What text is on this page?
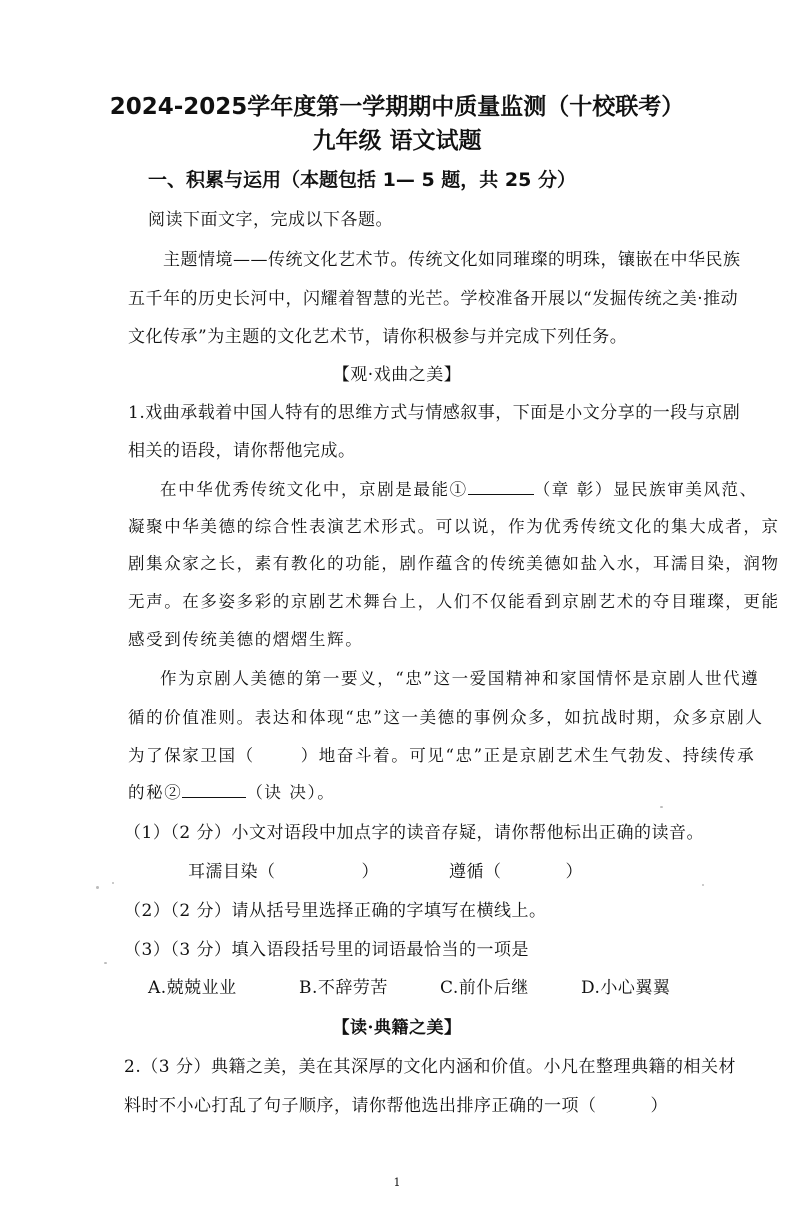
2024-2025学年度第一学期期中质量监测（十校联考）
九年级 语文试题
一、积累与运用（本题包括 1— 5 题，共 25 分）
阅读下面文字，完成以下各题。
主题情境——传统文化艺术节。传统文化如同璀璨的明珠，镶嵌在中华民族
五千年的历史长河中，闪耀着智慧的光芒。学校准备开展以“发掘传统之美·推动
文化传承”为主题的文化艺术节，请你积极参与并完成下列任务。
【观·戏曲之美】
1.戏曲承载着中国人特有的思维方式与情感叙事，下面是小文分享的一段与京剧
相关的语段，请你帮他完成。
在中华优秀传统文化中，京剧是最能①	（章 彰）显民族审美风范、
凝聚中华美德的综合性表演艺术形式。可以说，作为优秀传统文化的集大成者，京
剧集众家之长，素有教化的功能，剧作蕴含的传统美德如盐入水，耳濡目染，润物
无声。在多姿多彩的京剧艺术舞台上，人们不仅能看到京剧艺术的夺目璀璨，更能
感受到传统美德的熠熠生辉。
作为京剧人美德的第一要义，“忠”这一爱国精神和家国情怀是京剧人世代遵
循的价值准则。表达和体现“忠”这一美德的事例众多，如抗战时期，众多京剧人
为了保家卫国（	）地奋斗着。可见“忠”正是京剧艺术生气勃发、持续传承
的秘②	（诀 决）。
（1）（2 分）小文对语段中加点字的读音存疑，请你帮他标出正确的读音。
耳濡目染（	）	遵循（	）
（2）（2 分）请从括号里选择正确的字填写在横线上。
（3）（3 分）填入语段括号里的词语最恰当的一项是
A.兢兢业业	B.不辞劳苦	C.前仆后继	D.小心翼翼
【读·典籍之美】
2.（3 分）典籍之美，美在其深厚的文化内涵和价值。小凡在整理典籍的相关材
料时不小心打乱了句子顺序，请你帮他选出排序正确的一项（	）
1
